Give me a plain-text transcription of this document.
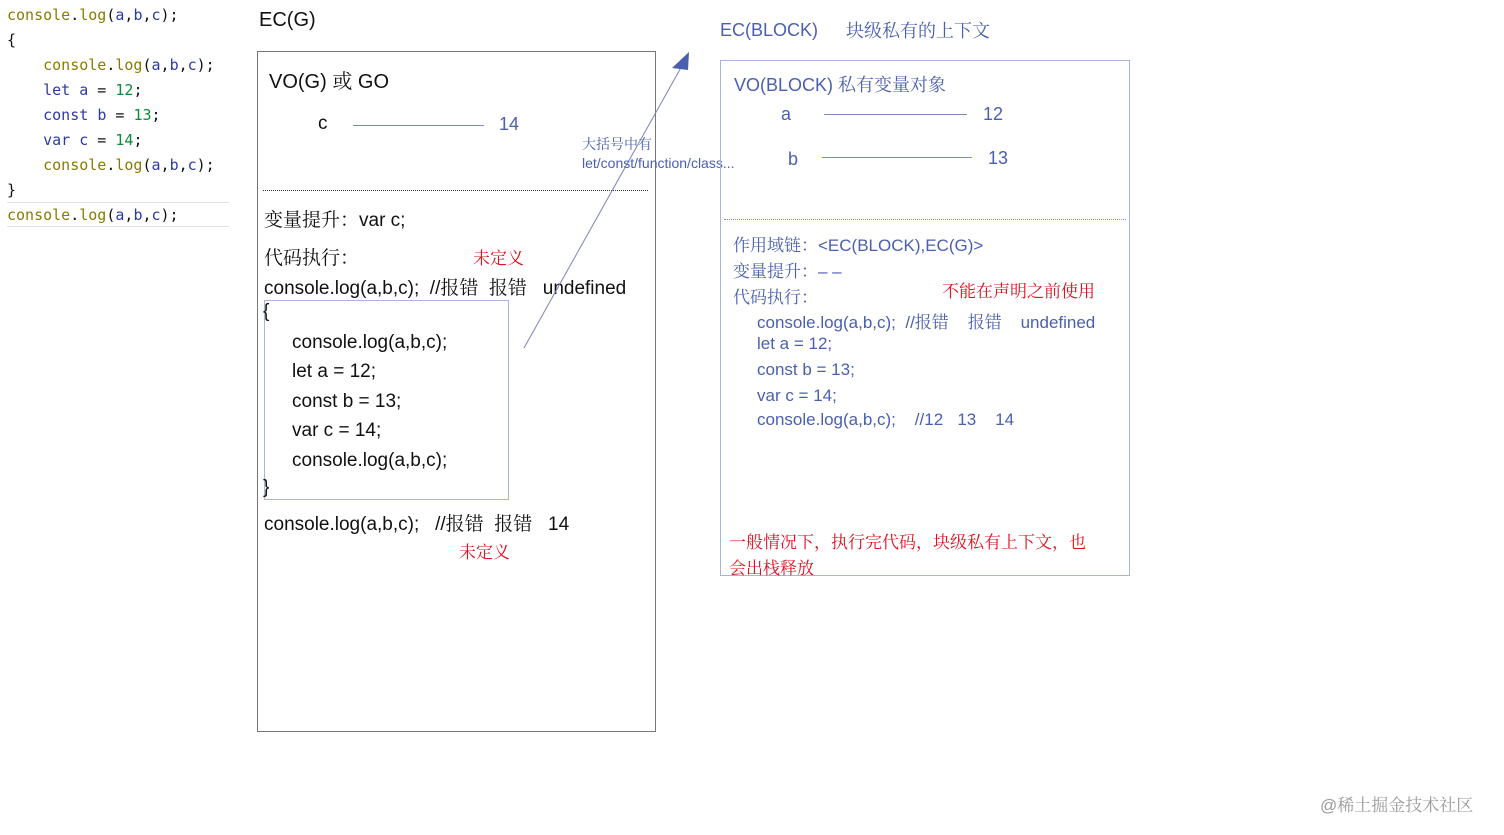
console.log(a,b,c);
{
console.log(a,b,c);
let a = 12;
const b = 13;
var c = 14;
console.log(a,b,c);
}
console.log(a,b,c);
EC(G)
VO(G) 或 GO
c	14
变量提升：var c;
代码执行：	未定义
console.log(a,b,c);  //报错  报错   undefined
{
console.log(a,b,c);
let a = 12;
const b = 13;
var c = 14;
console.log(a,b,c);
}
console.log(a,b,c);   //报错  报错   14
未定义
大括号中有
let/const/function/class...
EC(BLOCK) 块级私有的上下文
VO(BLOCK) 私有变量对象
a	12
b	13
作用域链：<EC(BLOCK),EC(G)>
变量提升：– –
代码执行：	不能在声明之前使用
console.log(a,b,c);  //报错    报错    undefined
let a = 12;
const b = 13;
var c = 14;
console.log(a,b,c);    //12   13    14
一般情况下，执行完代码，块级私有上下文，也
会出栈释放
@稀土掘金技术社区
